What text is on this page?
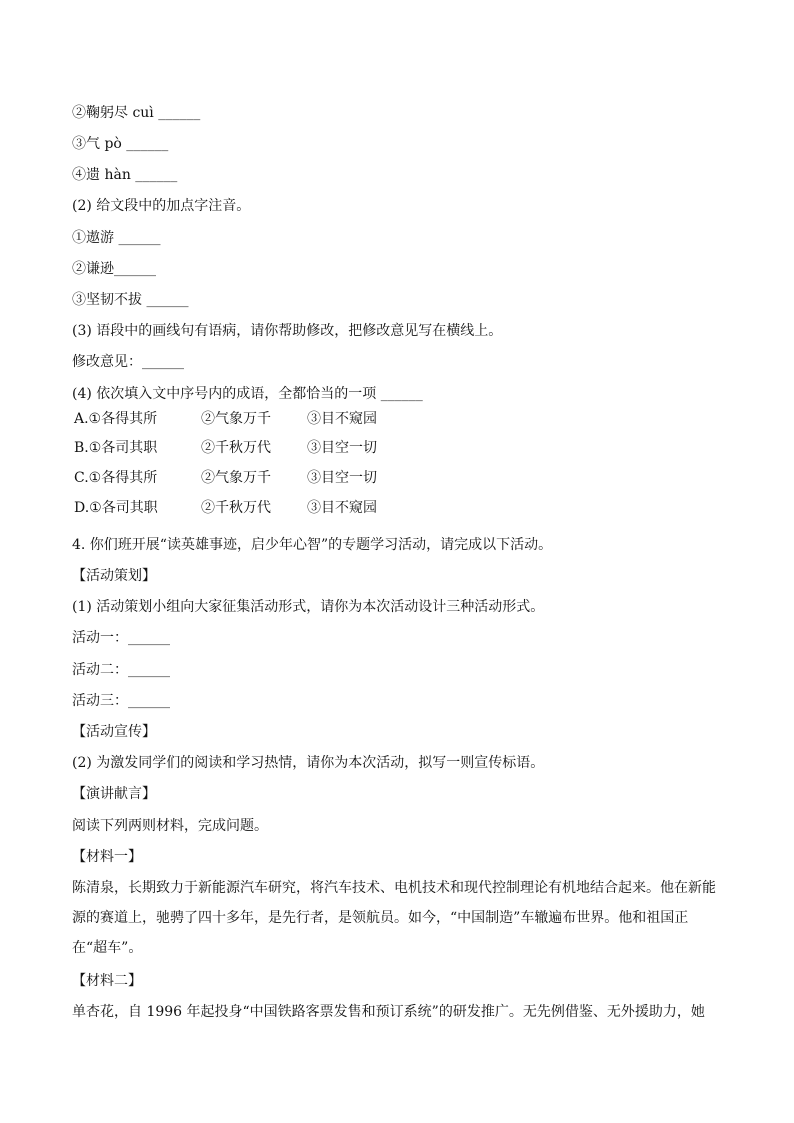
②鞠躬尽 cuì ______
③气 pò ______
④遗 hàn ______
(2) 给文段中的加点字注音。
①遨游 ______
②谦逊______
③坚韧不拔 ______
(3) 语段中的画线句有语病，请你帮助修改，把修改意见写在横线上。
修改意见：______
(4) 依次填入文中序号内的成语，全都恰当的一项 ______
A.①各得其所	②气象万千	③目不窥园
B.①各司其职	②千秋万代	③目空一切
C.①各得其所	②气象万千	③目空一切
D.①各司其职	②千秋万代	③目不窥园
4. 你们班开展“读英雄事迹，启少年心智”的专题学习活动，请完成以下活动。
【活动策划】
(1) 活动策划小组向大家征集活动形式，请你为本次活动设计三种活动形式。
活动一：______
活动二：______
活动三：______
【活动宣传】
(2) 为激发同学们的阅读和学习热情，请你为本次活动，拟写一则宣传标语。
【演讲献言】
阅读下列两则材料，完成问题。
【材料一】
陈清泉，长期致力于新能源汽车研究，将汽车技术、电机技术和现代控制理论有机地结合起来。他在新能源的赛道上，驰骋了四十多年，是先行者，是领航员。如今，“中国制造”车辙遍布世界。他和祖国正在“超车”。
【材料二】
单杏花，自 1996 年起投身“中国铁路客票发售和预订系统”的研发推广。无先例借鉴、无外援助力，她
